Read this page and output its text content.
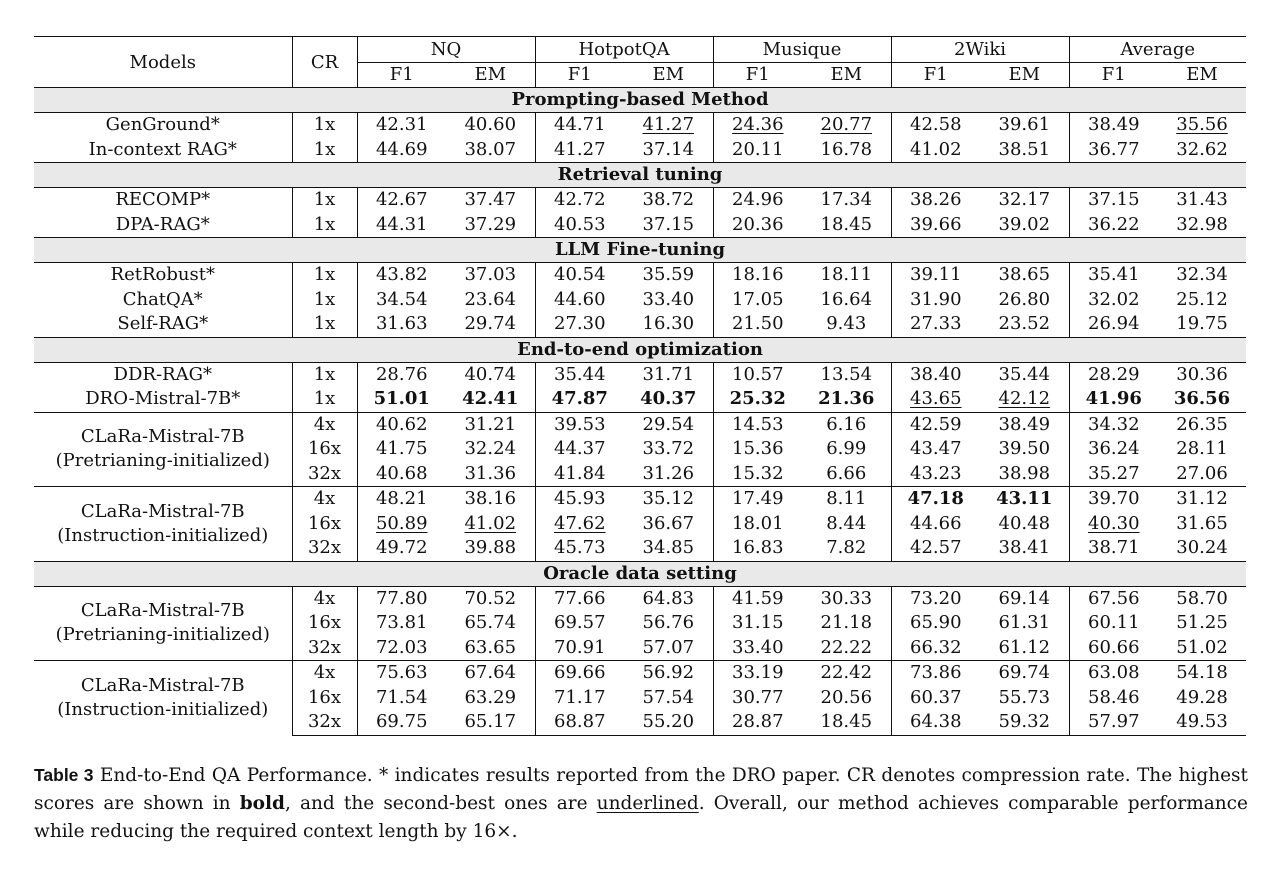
Models	CR	NQ		HotpotQA		Musique		2Wiki		Average	
		F1	EM	F1	EM	F1	EM	F1	EM	F1	EM
Prompting-based Method											
GenGround*	1x	42.31	40.60	44.71	41.27	24.36	20.77	42.58	39.61	38.49	35.56
In-context RAG*	1x	44.69	38.07	41.27	37.14	20.11	16.78	41.02	38.51	36.77	32.62
Retrieval tuning											
RECOMP*	1x	42.67	37.47	42.72	38.72	24.96	17.34	38.26	32.17	37.15	31.43
DPA-RAG*	1x	44.31	37.29	40.53	37.15	20.36	18.45	39.66	39.02	36.22	32.98
LLM Fine-tuning											
RetRobust*	1x	43.82	37.03	40.54	35.59	18.16	18.11	39.11	38.65	35.41	32.34
ChatQA*	1x	34.54	23.64	44.60	33.40	17.05	16.64	31.90	26.80	32.02	25.12
Self-RAG*	1x	31.63	29.74	27.30	16.30	21.50	9.43	27.33	23.52	26.94	19.75
End-to-end optimization											
DDR-RAG*	1x	28.76	40.74	35.44	31.71	10.57	13.54	38.40	35.44	28.29	30.36
DRO-Mistral-7B*	1x	51.01	42.41	47.87	40.37	25.32	21.36	43.65	42.12	41.96	36.56
CLaRa-Mistral-7B
(Pretrianing-initialized)	4x	40.62	31.21	39.53	29.54	14.53	6.16	42.59	38.49	34.32	26.35
	16x	41.75	32.24	44.37	33.72	15.36	6.99	43.47	39.50	36.24	28.11
	32x	40.68	31.36	41.84	31.26	15.32	6.66	43.23	38.98	35.27	27.06
CLaRa-Mistral-7B
(Instruction-initialized)	4x	48.21	38.16	45.93	35.12	17.49	8.11	47.18	43.11	39.70	31.12
	16x	50.89	41.02	47.62	36.67	18.01	8.44	44.66	40.48	40.30	31.65
	32x	49.72	39.88	45.73	34.85	16.83	7.82	42.57	38.41	38.71	30.24
Oracle data setting											
CLaRa-Mistral-7B
(Pretrianing-initialized)	4x	77.80	70.52	77.66	64.83	41.59	30.33	73.20	69.14	67.56	58.70
	16x	73.81	65.74	69.57	56.76	31.15	21.18	65.90	61.31	60.11	51.25
	32x	72.03	63.65	70.91	57.07	33.40	22.22	66.32	61.12	60.66	51.02
CLaRa-Mistral-7B
(Instruction-initialized)	4x	75.63	67.64	69.66	56.92	33.19	22.42	73.86	69.74	63.08	54.18
	16x	71.54	63.29	71.17	57.54	30.77	20.56	60.37	55.73	58.46	49.28
	32x	69.75	65.17	68.87	55.20	28.87	18.45	64.38	59.32	57.97	49.53
Table 3 End-to-End QA Performance. * indicates results reported from the DRO paper. CR denotes compression rate. The highest scores are shown in bold, and the second-best ones are underlined. Overall, our method achieves comparable performance while reducing the required context length by 16×.
